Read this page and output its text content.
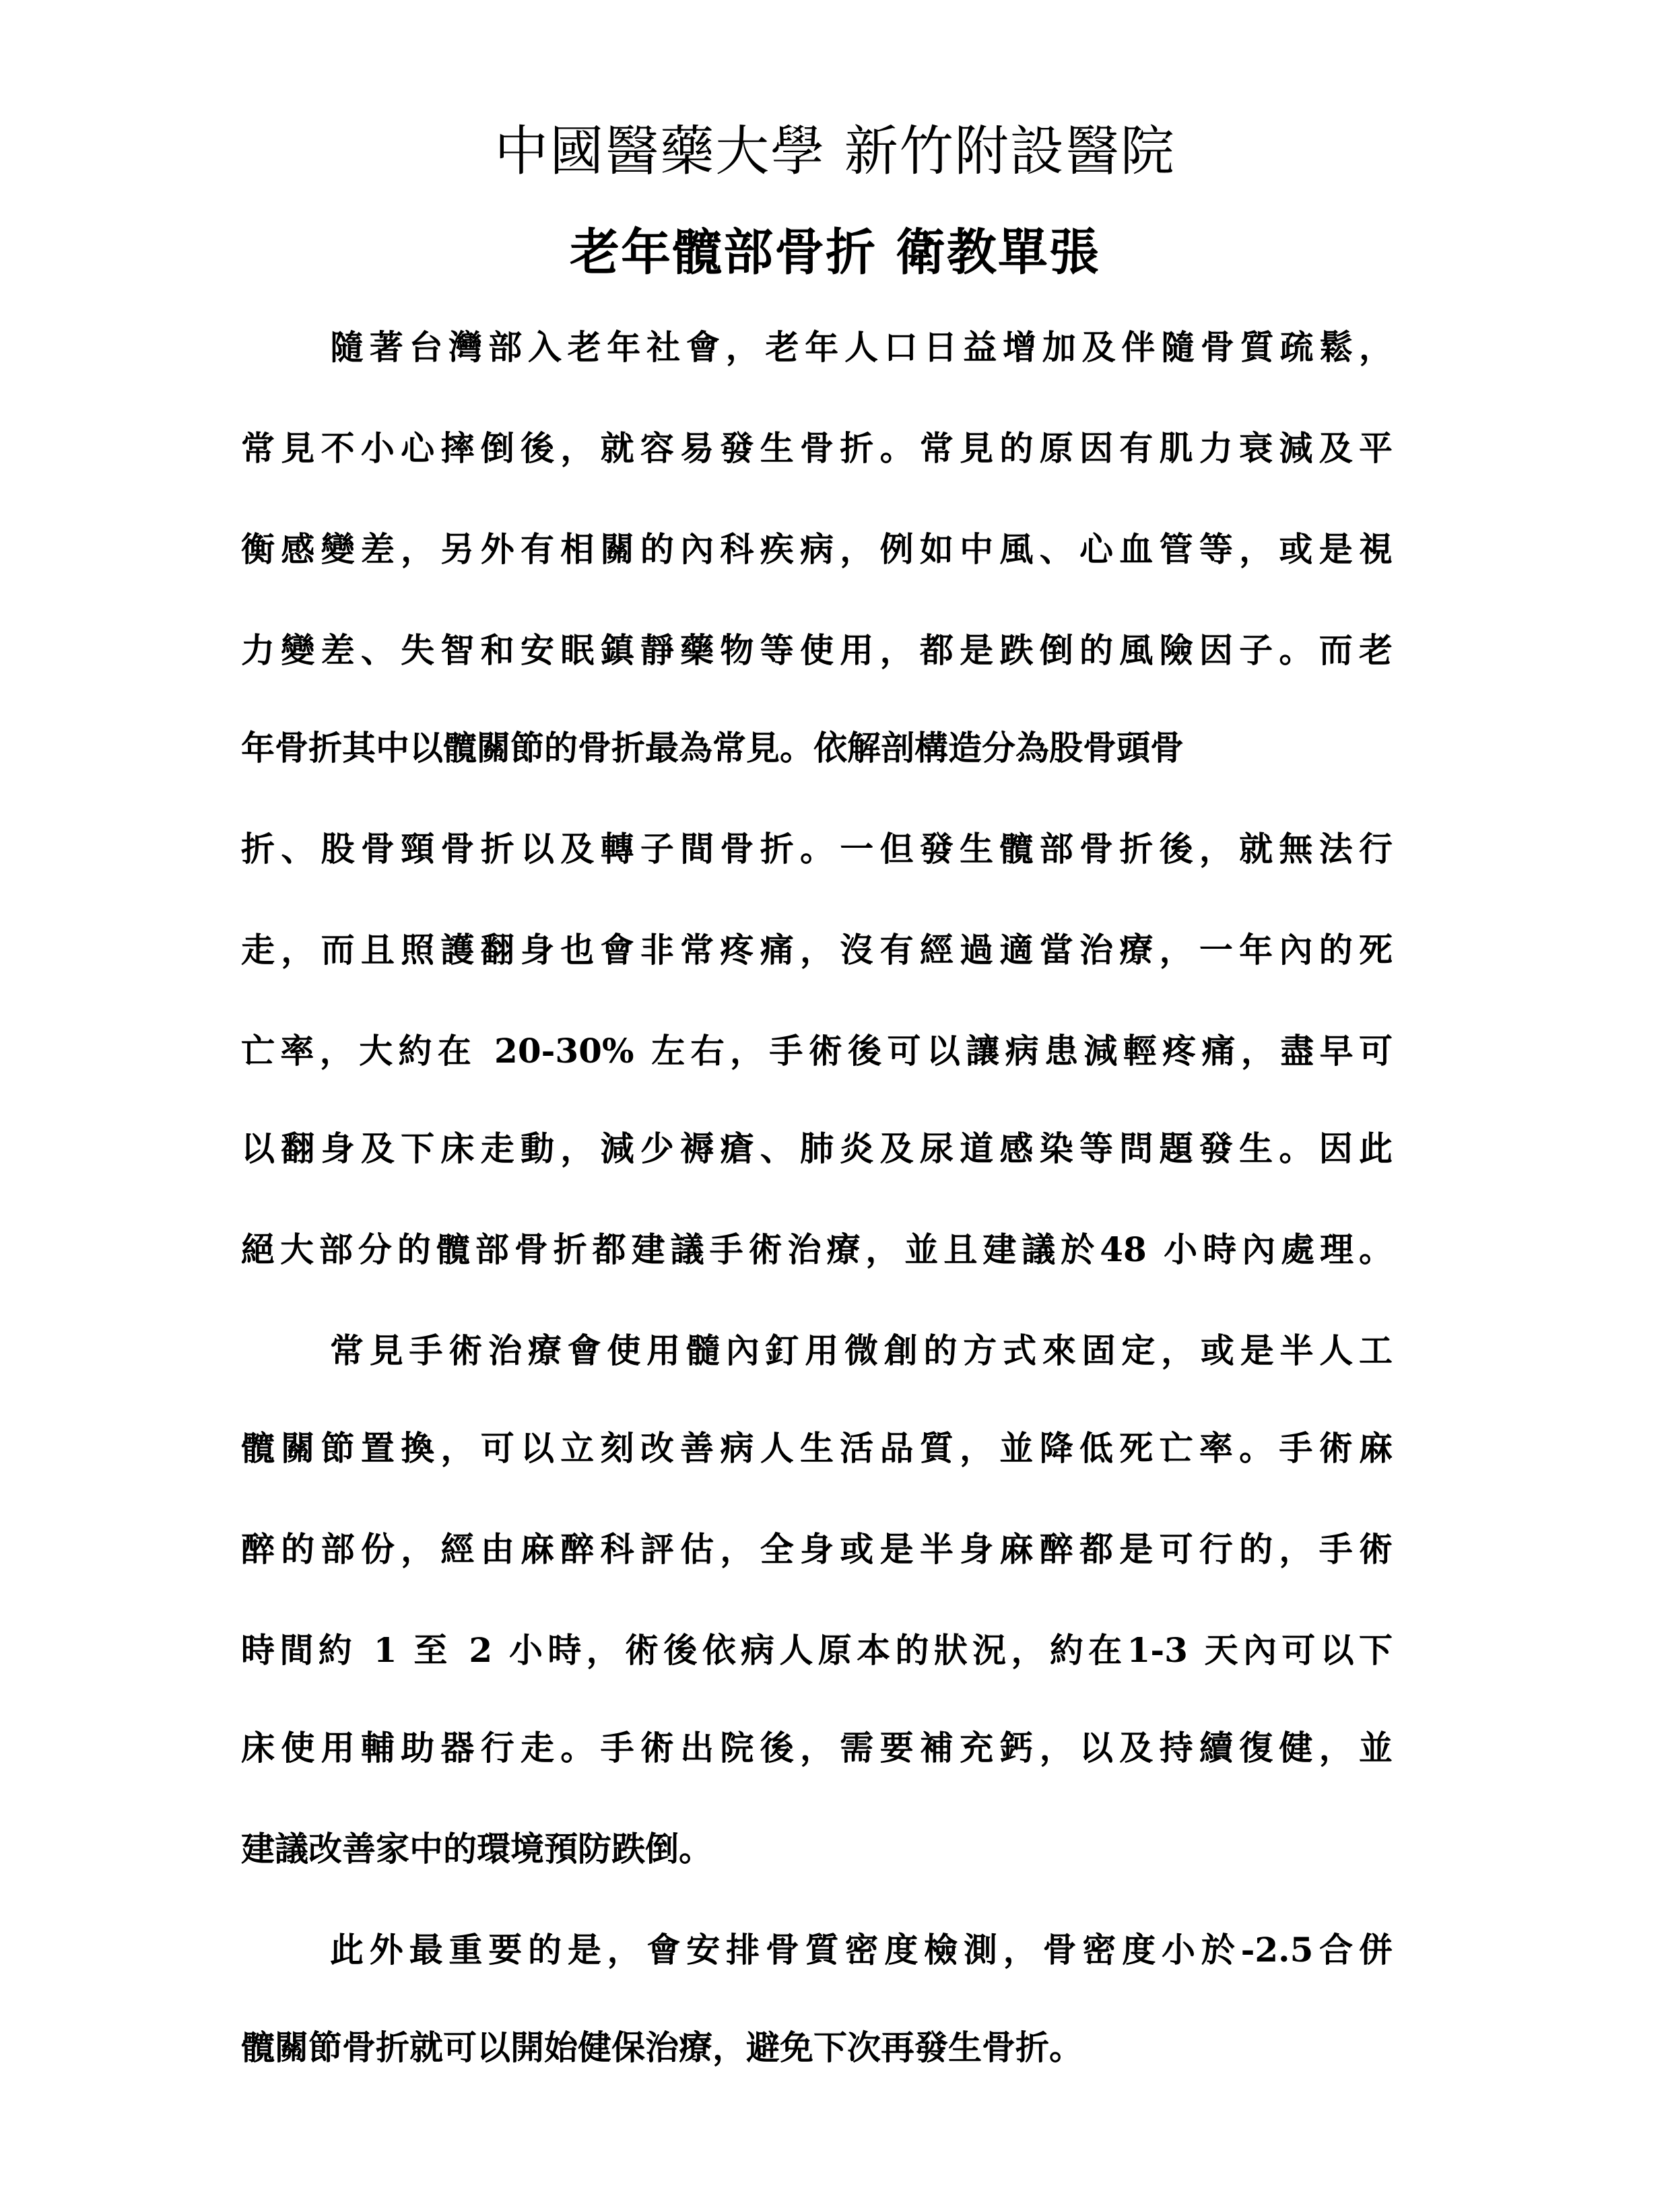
中國醫藥大學 新竹附設醫院
老年髖部骨折 衛教單張

隨著台灣部入老年社會，老年人口日益增加及伴隨骨質疏鬆，

常見不小心摔倒後，就容易發生骨折。常見的原因有肌力衰減及平

衡感變差，另外有相關的內科疾病，例如中風、心血管等，或是視

力變差、失智和安眠鎮靜藥物等使用，都是跌倒的風險因子。而老

年骨折其中以髖關節的骨折最為常見。依解剖構造分為股骨頭骨

折、股骨頸骨折以及轉子間骨折。一但發生髖部骨折後，就無法行

走，而且照護翻身也會非常疼痛，沒有經過適當治療，一年內的死

亡率，大約在 20-30% 左右，手術後可以讓病患減輕疼痛，盡早可

以翻身及下床走動，減少褥瘡、肺炎及尿道感染等問題發生。因此

絕大部分的髖部骨折都建議手術治療，並且建議於48 小時內處理。

常見手術治療會使用髓內釘用微創的方式來固定，或是半人工

髖關節置換，可以立刻改善病人生活品質，並降低死亡率。手術麻

醉的部份，經由麻醉科評估，全身或是半身麻醉都是可行的，手術

時間約 1 至 2 小時，術後依病人原本的狀況，約在1-3 天內可以下

床使用輔助器行走。手術出院後，需要補充鈣，以及持續復健，並

建議改善家中的環境預防跌倒。

此外最重要的是，會安排骨質密度檢測，骨密度小於-2.5合併

髖關節骨折就可以開始健保治療，避免下次再發生骨折。
